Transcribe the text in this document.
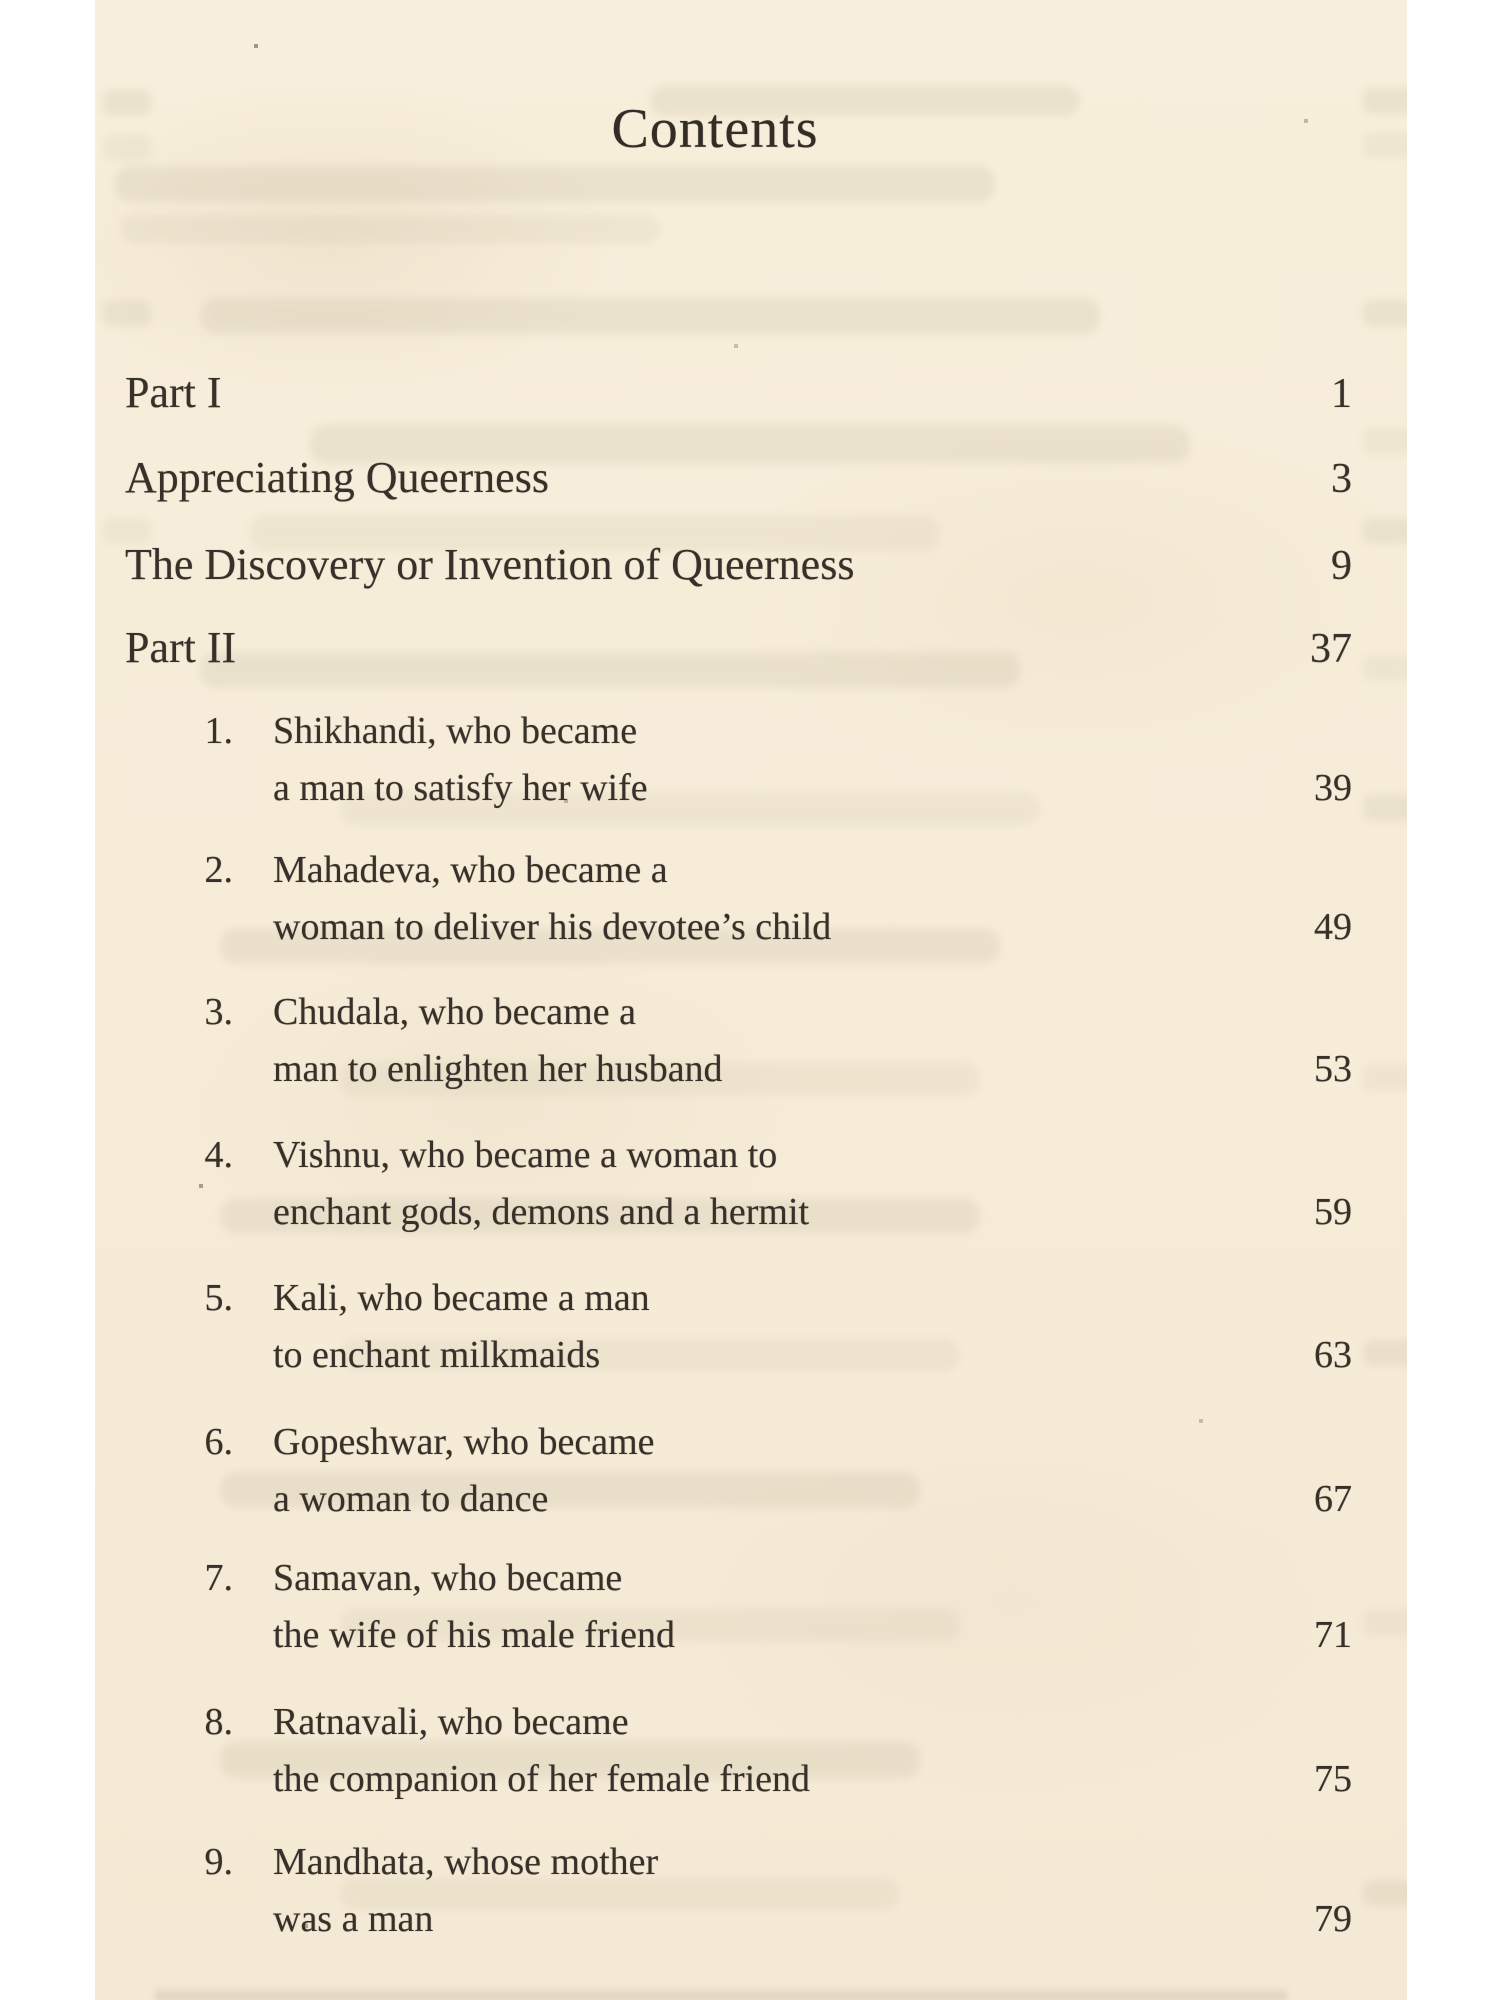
Contents
Part I	1
Appreciating Queerness	3
The Discovery or Invention of Queerness	9
Part II	37
1. Shikhandi, who became
a man to satisfy her wife	39
2. Mahadeva, who became a
woman to deliver his devotee’s child	49
3. Chudala, who became a
man to enlighten her husband	53
4. Vishnu, who became a woman to
enchant gods, demons and a hermit	59
5. Kali, who became a man
to enchant milkmaids	63
6. Gopeshwar, who became
a woman to dance	67
7. Samavan, who became
the wife of his male friend	71
8. Ratnavali, who became
the companion of her female friend	75
9. Mandhata, whose mother
was a man	79
